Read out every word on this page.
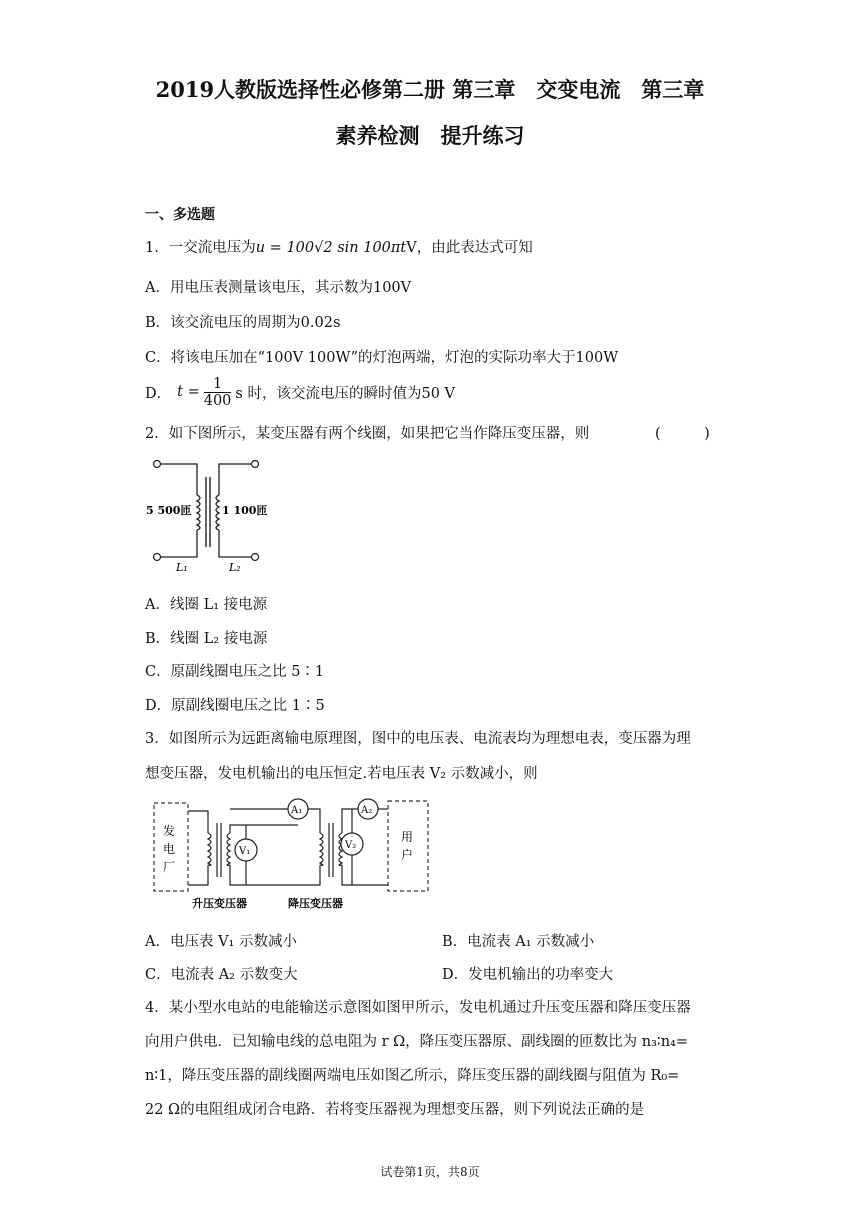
2019人教版选择性必修第二册 第三章　交变电流　第三章
素养检测　提升练习
一、多选题
1．一交流电压为u = 100√2 sin 100πtV，由此表达式可知
A．用电压表测量该电压，其示数为100V
B．该交流电压的周期为0.02s
C．将该电压加在“100V 100W”的灯泡两端，灯泡的实际功率大于100W
D． $t = \frac{1}{400}$ s 时，该交流电压的瞬时值为50 V
2．如下图所示，某变压器有两个线圈，如果把它当作降压变压器，则	(　　　)
5 500匝	1 100匝
L₁	L₂
A．线圈 L₁ 接电源
B．线圈 L₂ 接电源
C．原副线圈电压之比 5∶1
D．原副线圈电压之比 1∶5
3．如图所示为远距离输电原理图，图中的电压表、电流表均为理想电表，变压器为理
想变压器，发电机输出的电压恒定.若电压表 V₂ 示数减小，则
发
电
厂
V₁
A₁
V₂
A₂
用
户
升压变压器	降压变压器
A．电压表 V₁ 示数减小	B．电流表 A₁ 示数减小
C．电流表 A₂ 示数变大	D．发电机输出的功率变大
4．某小型水电站的电能输送示意图如图甲所示，发电机通过升压变压器和降压变压器
向用户供电．已知输电线的总电阻为 r Ω，降压变压器原、副线圈的匝数比为 n₃∶n₄=
n∶1，降压变压器的副线圈两端电压如图乙所示，降压变压器的副线圈与阻值为 R₀=
22 Ω的电阻组成闭合电路．若将变压器视为理想变压器，则下列说法正确的是
试卷第1页，共8页
